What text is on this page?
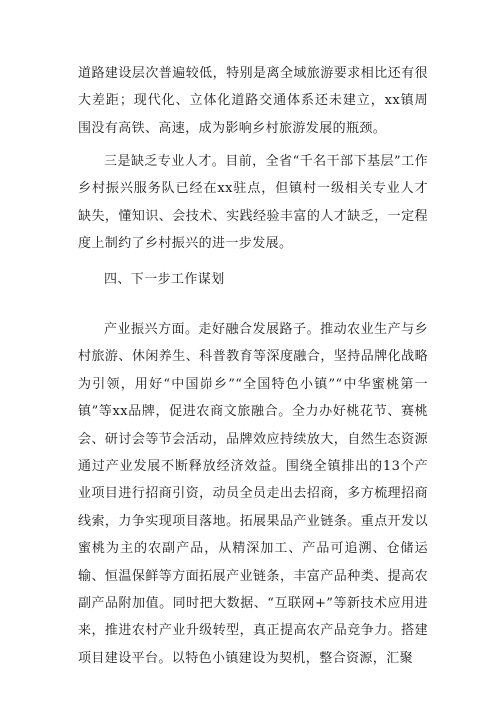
道路建设层次普遍较低，特别是离全域旅游要求相比还有很大差距；现代化、立体化道路交通体系还未建立，xx镇周围没有高铁、高速，成为影响乡村旅游发展的瓶颈。

三是缺乏专业人才。目前，全省“千名干部下基层”工作乡村振兴服务队已经在xx驻点，但镇村一级相关专业人才缺失，懂知识、会技术、实践经验丰富的人才缺乏，一定程度上制约了乡村振兴的进一步发展。

四、下一步工作谋划

产业振兴方面。走好融合发展路子。推动农业生产与乡村旅游、休闲养生、科普教育等深度融合，坚持品牌化战略为引领，用好“中国峁乡”“全国特色小镇”“中华蜜桃第一镇”等xx品牌，促进农商文旅融合。全力办好桃花节、赛桃会、研讨会等节会活动，品牌效应持续放大，自然生态资源通过产业发展不断释放经济效益。围绕全镇排出的13个产业项目进行招商引资，动员全员走出去招商，多方梳理招商线索，力争实现项目落地。拓展果品产业链条。重点开发以蜜桃为主的农副产品，从精深加工、产品可追溯、仓储运输、恒温保鲜等方面拓展产业链条，丰富产品种类、提高农副产品附加值。同时把大数据、“互联网+”等新技术应用进来，推进农村产业升级转型，真正提高农产品竞争力。搭建项目建设平台。以特色小镇建设为契机，整合资源，汇聚
